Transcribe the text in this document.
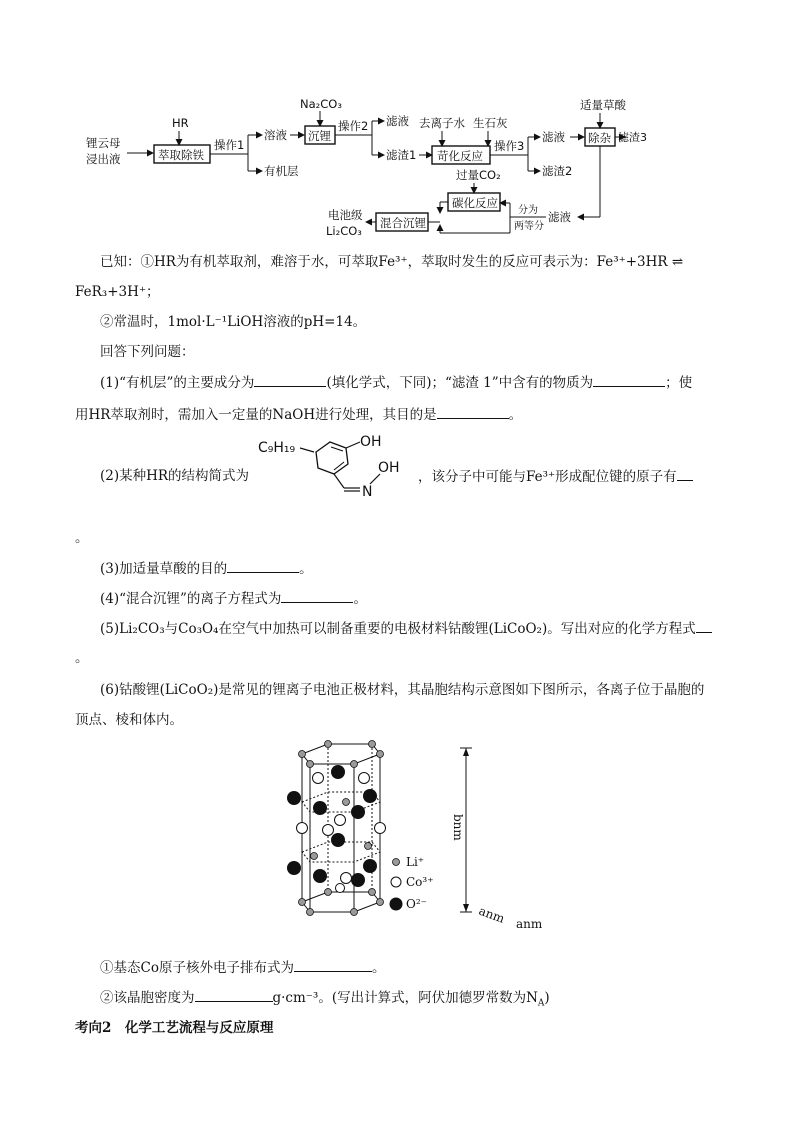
锂云母
浸出液
HR
萃取除铁
操作1
溶液
有机层
Na₂CO₃
沉锂
操作2 滤液
滤渣1
去离子水 生石灰
苛化反应
操作3
滤液
滤渣2
适量草酸
除杂 滤渣3
滤液
分为
两等分
过量CO₂
碳化反应
混合沉锂
电池级
Li₂CO₃
已知：①HR为有机萃取剂，难溶于水，可萃取Fe³⁺，萃取时发生的反应可表示为：Fe³⁺+3HR ⇌
FeR₃+3H⁺；
②常温时，1mol·L⁻¹LiOH溶液的pH=14。
回答下列问题：
(1)“有机层”的主要成分为	(填化学式，下同)；“滤渣 1”中含有的物质为	；使
用HR萃取剂时，需加入一定量的NaOH进行处理，其目的是	。
(2)某种HR的结构简式为
C₉H₁₉	OH
N
OH
，该分子中可能与Fe³⁺形成配位键的原子有
。
(3)加适量草酸的目的	。
(4)“混合沉锂”的离子方程式为	。
(5)Li₂CO₃与Co₃O₄在空气中加热可以制备重要的电极材料钴酸锂(LiCoO₂)。写出对应的化学方程式
。
(6)钴酸锂(LiCoO₂)是常见的锂离子电池正极材料，其晶胞结构示意图如下图所示，各离子位于晶胞的
顶点、棱和体内。
Li⁺
Co³⁺
O²⁻
bnm
anm anm
①基态Co原子核外电子排布式为	。
②该晶胞密度为	g·cm⁻³。(写出计算式，阿伏加德罗常数为$N_A$)
考向2　化学工艺流程与反应原理
